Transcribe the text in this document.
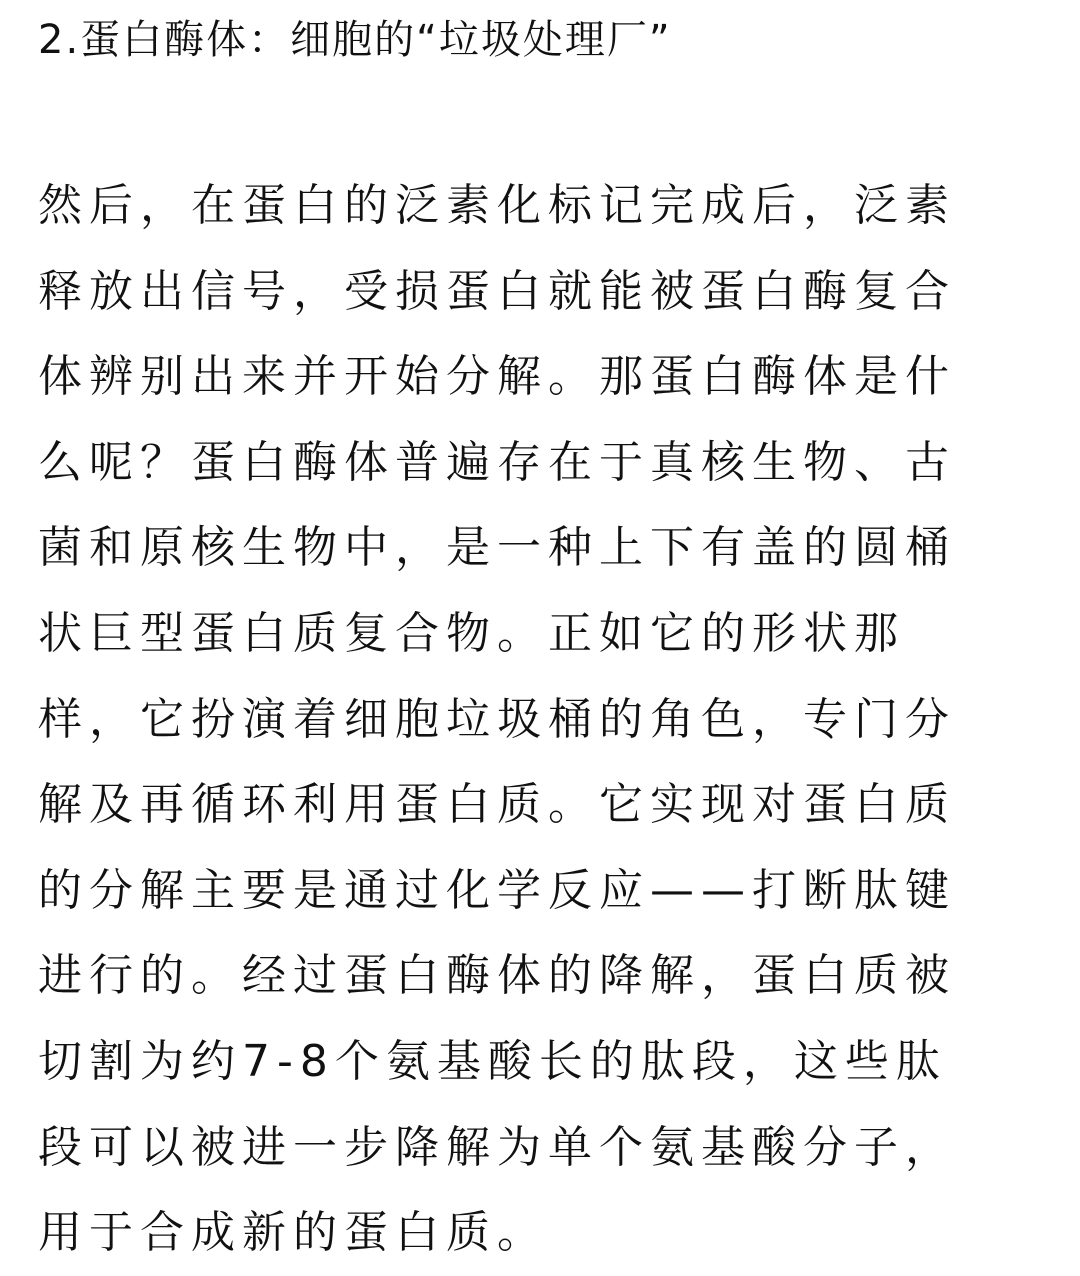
2.蛋白酶体：细胞的“垃圾处理厂”

然后，在蛋白的泛素化标记完成后，泛素
释放出信号，受损蛋白就能被蛋白酶复合
体辨别出来并开始分解。那蛋白酶体是什
么呢？蛋白酶体普遍存在于真核生物、古
菌和原核生物中，是一种上下有盖的圆桶
状巨型蛋白质复合物。正如它的形状那
样，它扮演着细胞垃圾桶的角色，专门分
解及再循环利用蛋白质。它实现对蛋白质
的分解主要是通过化学反应——打断肽键
进行的。经过蛋白酶体的降解，蛋白质被
切割为约7-8个氨基酸长的肽段，这些肽
段可以被进一步降解为单个氨基酸分子，
用于合成新的蛋白质。
